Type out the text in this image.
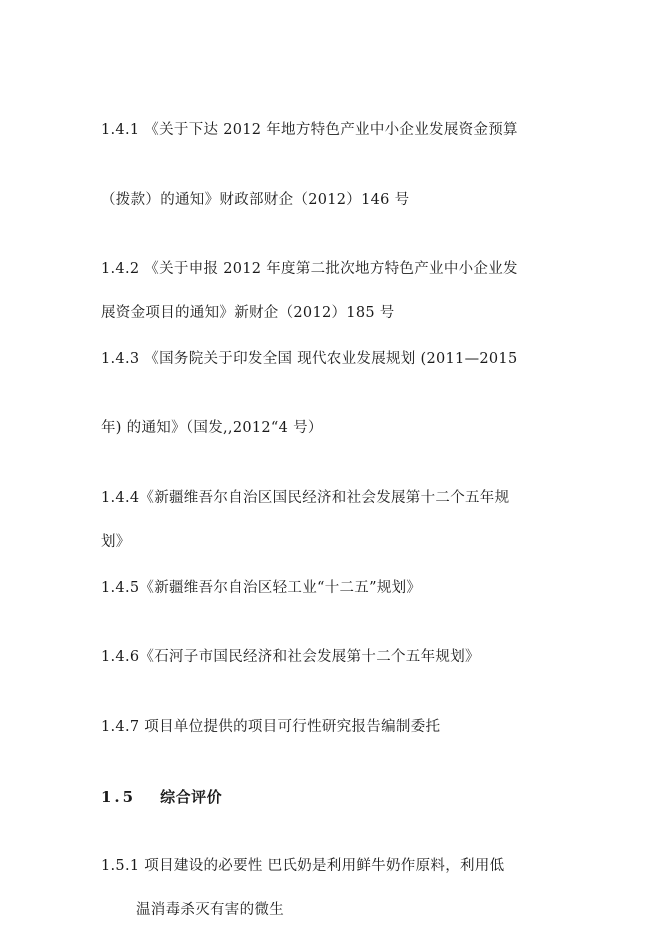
1.4.1 《关于下达 2012 年地方特色产业中小企业发展资金预算
（拨款）的通知》财政部财企（2012）146 号
1.4.2 《关于申报 2012 年度第二批次地方特色产业中小企业发
展资金项目的通知》新财企（2012）185 号
1.4.3 《国务院关于印发全国 现代农业发展规划 (2011—2015
年) 的通知》（国发,,2012“4 号）
1.4.4《新疆维吾尔自治区国民经济和社会发展第十二个五年规
划》
1.4.5《新疆维吾尔自治区轻工业“十二五”规划》
1.4.6《石河子市国民经济和社会发展第十二个五年规划》
1.4.7 项目单位提供的项目可行性研究报告编制委托
1.5 综合评价
1.5.1 项目建设的必要性 巴氏奶是利用鲜牛奶作原料，利用低
温消毒杀灭有害的微生
